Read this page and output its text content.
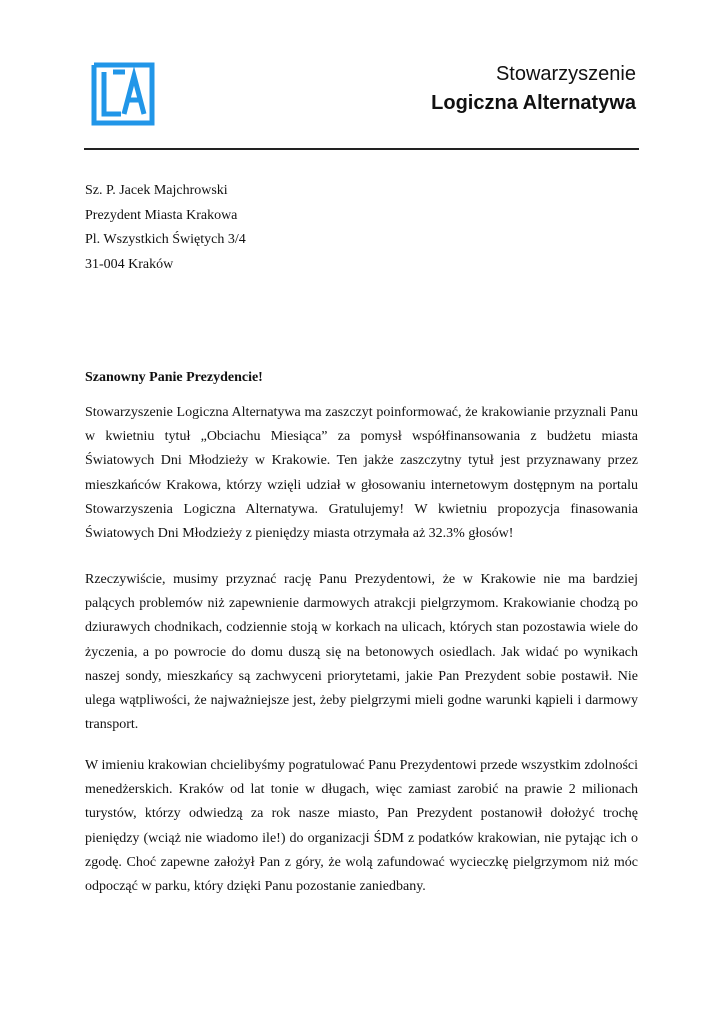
Stowarzyszenie
Logiczna Alternatywa
Sz. P. Jacek Majchrowski
Prezydent Miasta Krakowa
Pl. Wszystkich Świętych 3/4
31-004 Kraków
Szanowny Panie Prezydencie!
Stowarzyszenie Logiczna Alternatywa ma zaszczyt poinformować, że krakowianie przyznali Panu w kwietniu tytuł „Obciachu Miesiąca” za pomysł współfinansowania z budżetu miasta Światowych Dni Młodzieży w Krakowie. Ten jakże zaszczytny tytuł jest przyznawany przez mieszkańców Krakowa, którzy wzięli udział w głosowaniu internetowym dostępnym na portalu Stowarzyszenia Logiczna Alternatywa. Gratulujemy! W kwietniu propozycja finasowania Światowych Dni Młodzieży z pieniędzy miasta otrzymała aż 32.3% głosów!
Rzeczywiście, musimy przyznać rację Panu Prezydentowi, że w Krakowie nie ma bardziej palących problemów niż zapewnienie darmowych atrakcji pielgrzymom. Krakowianie chodzą po dziurawych chodnikach, codziennie stoją w korkach na ulicach, których stan pozostawia wiele do życzenia, a po powrocie do domu duszą się na betonowych osiedlach. Jak widać po wynikach naszej sondy, mieszkańcy są zachwyceni priorytetami, jakie Pan Prezydent sobie postawił. Nie ulega wątpliwości, że najważniejsze jest, żeby pielgrzymi mieli godne warunki kąpieli i darmowy transport.
W imieniu krakowian chcielibyśmy pogratulować Panu Prezydentowi przede wszystkim zdolności menedżerskich. Kraków od lat tonie w długach, więc zamiast zarobić na prawie 2 milionach turystów, którzy odwiedzą za rok nasze miasto, Pan Prezydent postanowił dołożyć trochę pieniędzy (wciąż nie wiadomo ile!) do organizacji ŚDM z podatków krakowian, nie pytając ich o zgodę. Choć zapewne założył Pan z góry, że wolą zafundować wycieczkę pielgrzymom niż móc odpocząć w parku, który dzięki Panu pozostanie zaniedbany.
